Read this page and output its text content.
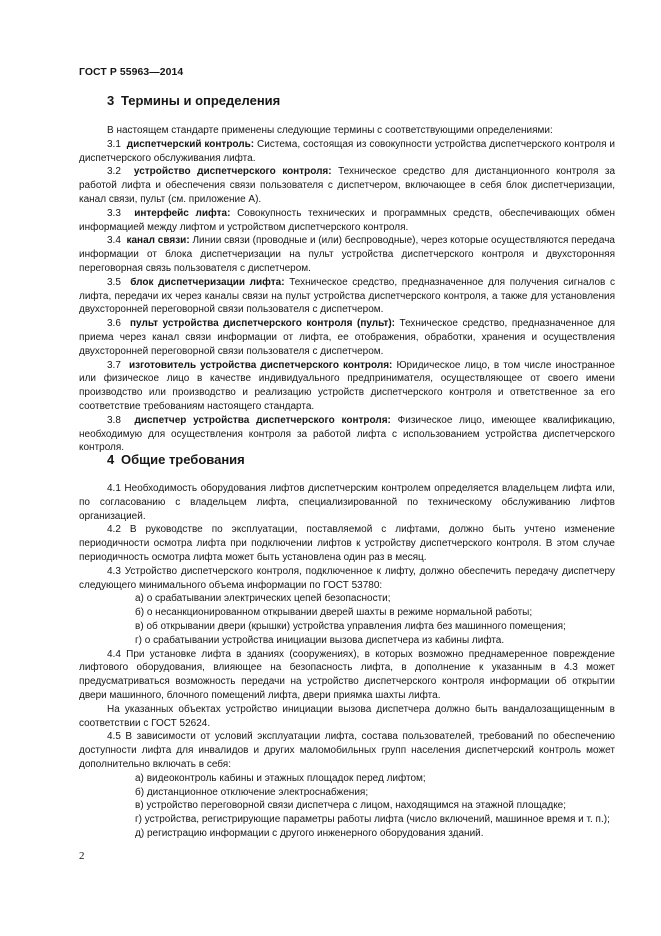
ГОСТ Р 55963—2014
3 Термины и определения

В настоящем стандарте применены следующие термины с соответствующими определениями:

3.1 диспетчерский контроль: Система, состоящая из совокупности устройства диспетчерского контроля и диспетчерского обслуживания лифта.

3.2 устройство диспетчерского контроля: Техническое средство для дистанционного контроля за работой лифта и обеспечения связи пользователя с диспетчером, включающее в себя блок диспетчеризации, канал связи, пульт (см. приложение А).

3.3 интерфейс лифта: Совокупность технических и программных средств, обеспечивающих обмен информацией между лифтом и устройством диспетчерского контроля.

3.4 канал связи: Линии связи (проводные и (или) беспроводные), через которые осуществляются передача информации от блока диспетчеризации на пульт устройства диспетчерского контроля и двухсторонняя переговорная связь пользователя с диспетчером.

3.5 блок диспетчеризации лифта: Техническое средство, предназначенное для получения сигналов с лифта, передачи их через каналы связи на пульт устройства диспетчерского контроля, а также для установления двухсторонней переговорной связи пользователя с диспетчером.

3.6 пульт устройства диспетчерского контроля (пульт): Техническое средство, предназначенное для приема через канал связи информации от лифта, ее отображения, обработки, хранения и осуществления двухсторонней переговорной связи пользователя с диспетчером.

3.7 изготовитель устройства диспетчерского контроля: Юридическое лицо, в том числе иностранное или физическое лицо в качестве индивидуального предпринимателя, осуществляющее от своего имени производство или производство и реализацию устройств диспетчерского контроля и ответственное за его соответствие требованиям настоящего стандарта.

3.8 диспетчер устройства диспетчерского контроля: Физическое лицо, имеющее квалификацию, необходимую для осуществления контроля за работой лифта с использованием устройства диспетчерского контроля.

4 Общие требования

4.1 Необходимость оборудования лифтов диспетчерским контролем определяется владельцем лифта или, по согласованию с владельцем лифта, специализированной по техническому обслуживанию лифтов организацией.

4.2 В руководстве по эксплуатации, поставляемой с лифтами, должно быть учтено изменение периодичности осмотра лифта при подключении лифтов к устройству диспетчерского контроля. В этом случае периодичность осмотра лифта может быть установлена один раз в месяц.

4.3 Устройство диспетчерского контроля, подключенное к лифту, должно обеспечить передачу диспетчеру следующего минимального объема информации по ГОСТ 53780:

а) о срабатывании электрических цепей безопасности;

б) о несанкционированном открывании дверей шахты в режиме нормальной работы;

в) об открывании двери (крышки) устройства управления лифта без машинного помещения;

г) о срабатывании устройства инициации вызова диспетчера из кабины лифта.

4.4 При установке лифта в зданиях (сооружениях), в которых возможно преднамеренное повреждение лифтового оборудования, влияющее на безопасность лифта, в дополнение к указанным в 4.3 может предусматриваться возможность передачи на устройство диспетчерского контроля информации об открытии двери машинного, блочного помещений лифта, двери приямка шахты лифта.

На указанных объектах устройство инициации вызова диспетчера должно быть вандалозащищенным в соответствии с ГОСТ 52624.

4.5 В зависимости от условий эксплуатации лифта, состава пользователей, требований по обеспечению доступности лифта для инвалидов и других маломобильных групп населения диспетчерский контроль может дополнительно включать в себя:

а) видеоконтроль кабины и этажных площадок перед лифтом;

б) дистанционное отключение электроснабжения;

в) устройство переговорной связи диспетчера с лицом, находящимся на этажной площадке;

г) устройства, регистрирующие параметры работы лифта (число включений, машинное время и т. п.);

д) регистрацию информации с другого инженерного оборудования зданий.

2
